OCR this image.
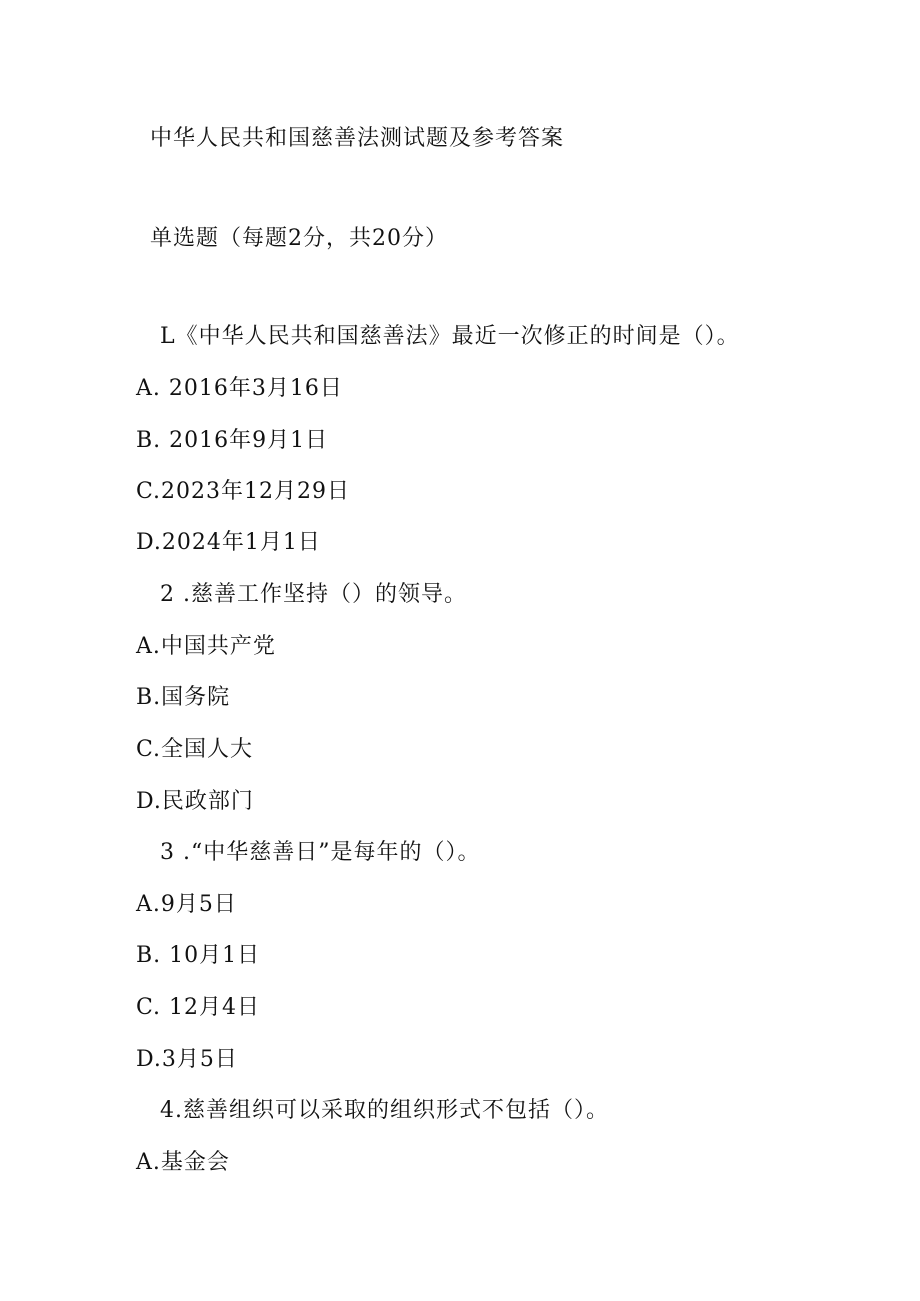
中华人民共和国慈善法测试题及参考答案
单选题（每题2分，共20分）
L《中华人民共和国慈善法》最近一次修正的时间是（）。
A. 2016年3月16日
B. 2016年9月1日
C.2023年12月29日
D.2024年1月1日
2 .慈善工作坚持（）的领导。
A.中国共产党
B.国务院
C.全国人大
D.民政部门
3 .“中华慈善日”是每年的（）。
A.9月5日
B. 10月1日
C. 12月4日
D.3月5日
4.慈善组织可以采取的组织形式不包括（）。
A.基金会
